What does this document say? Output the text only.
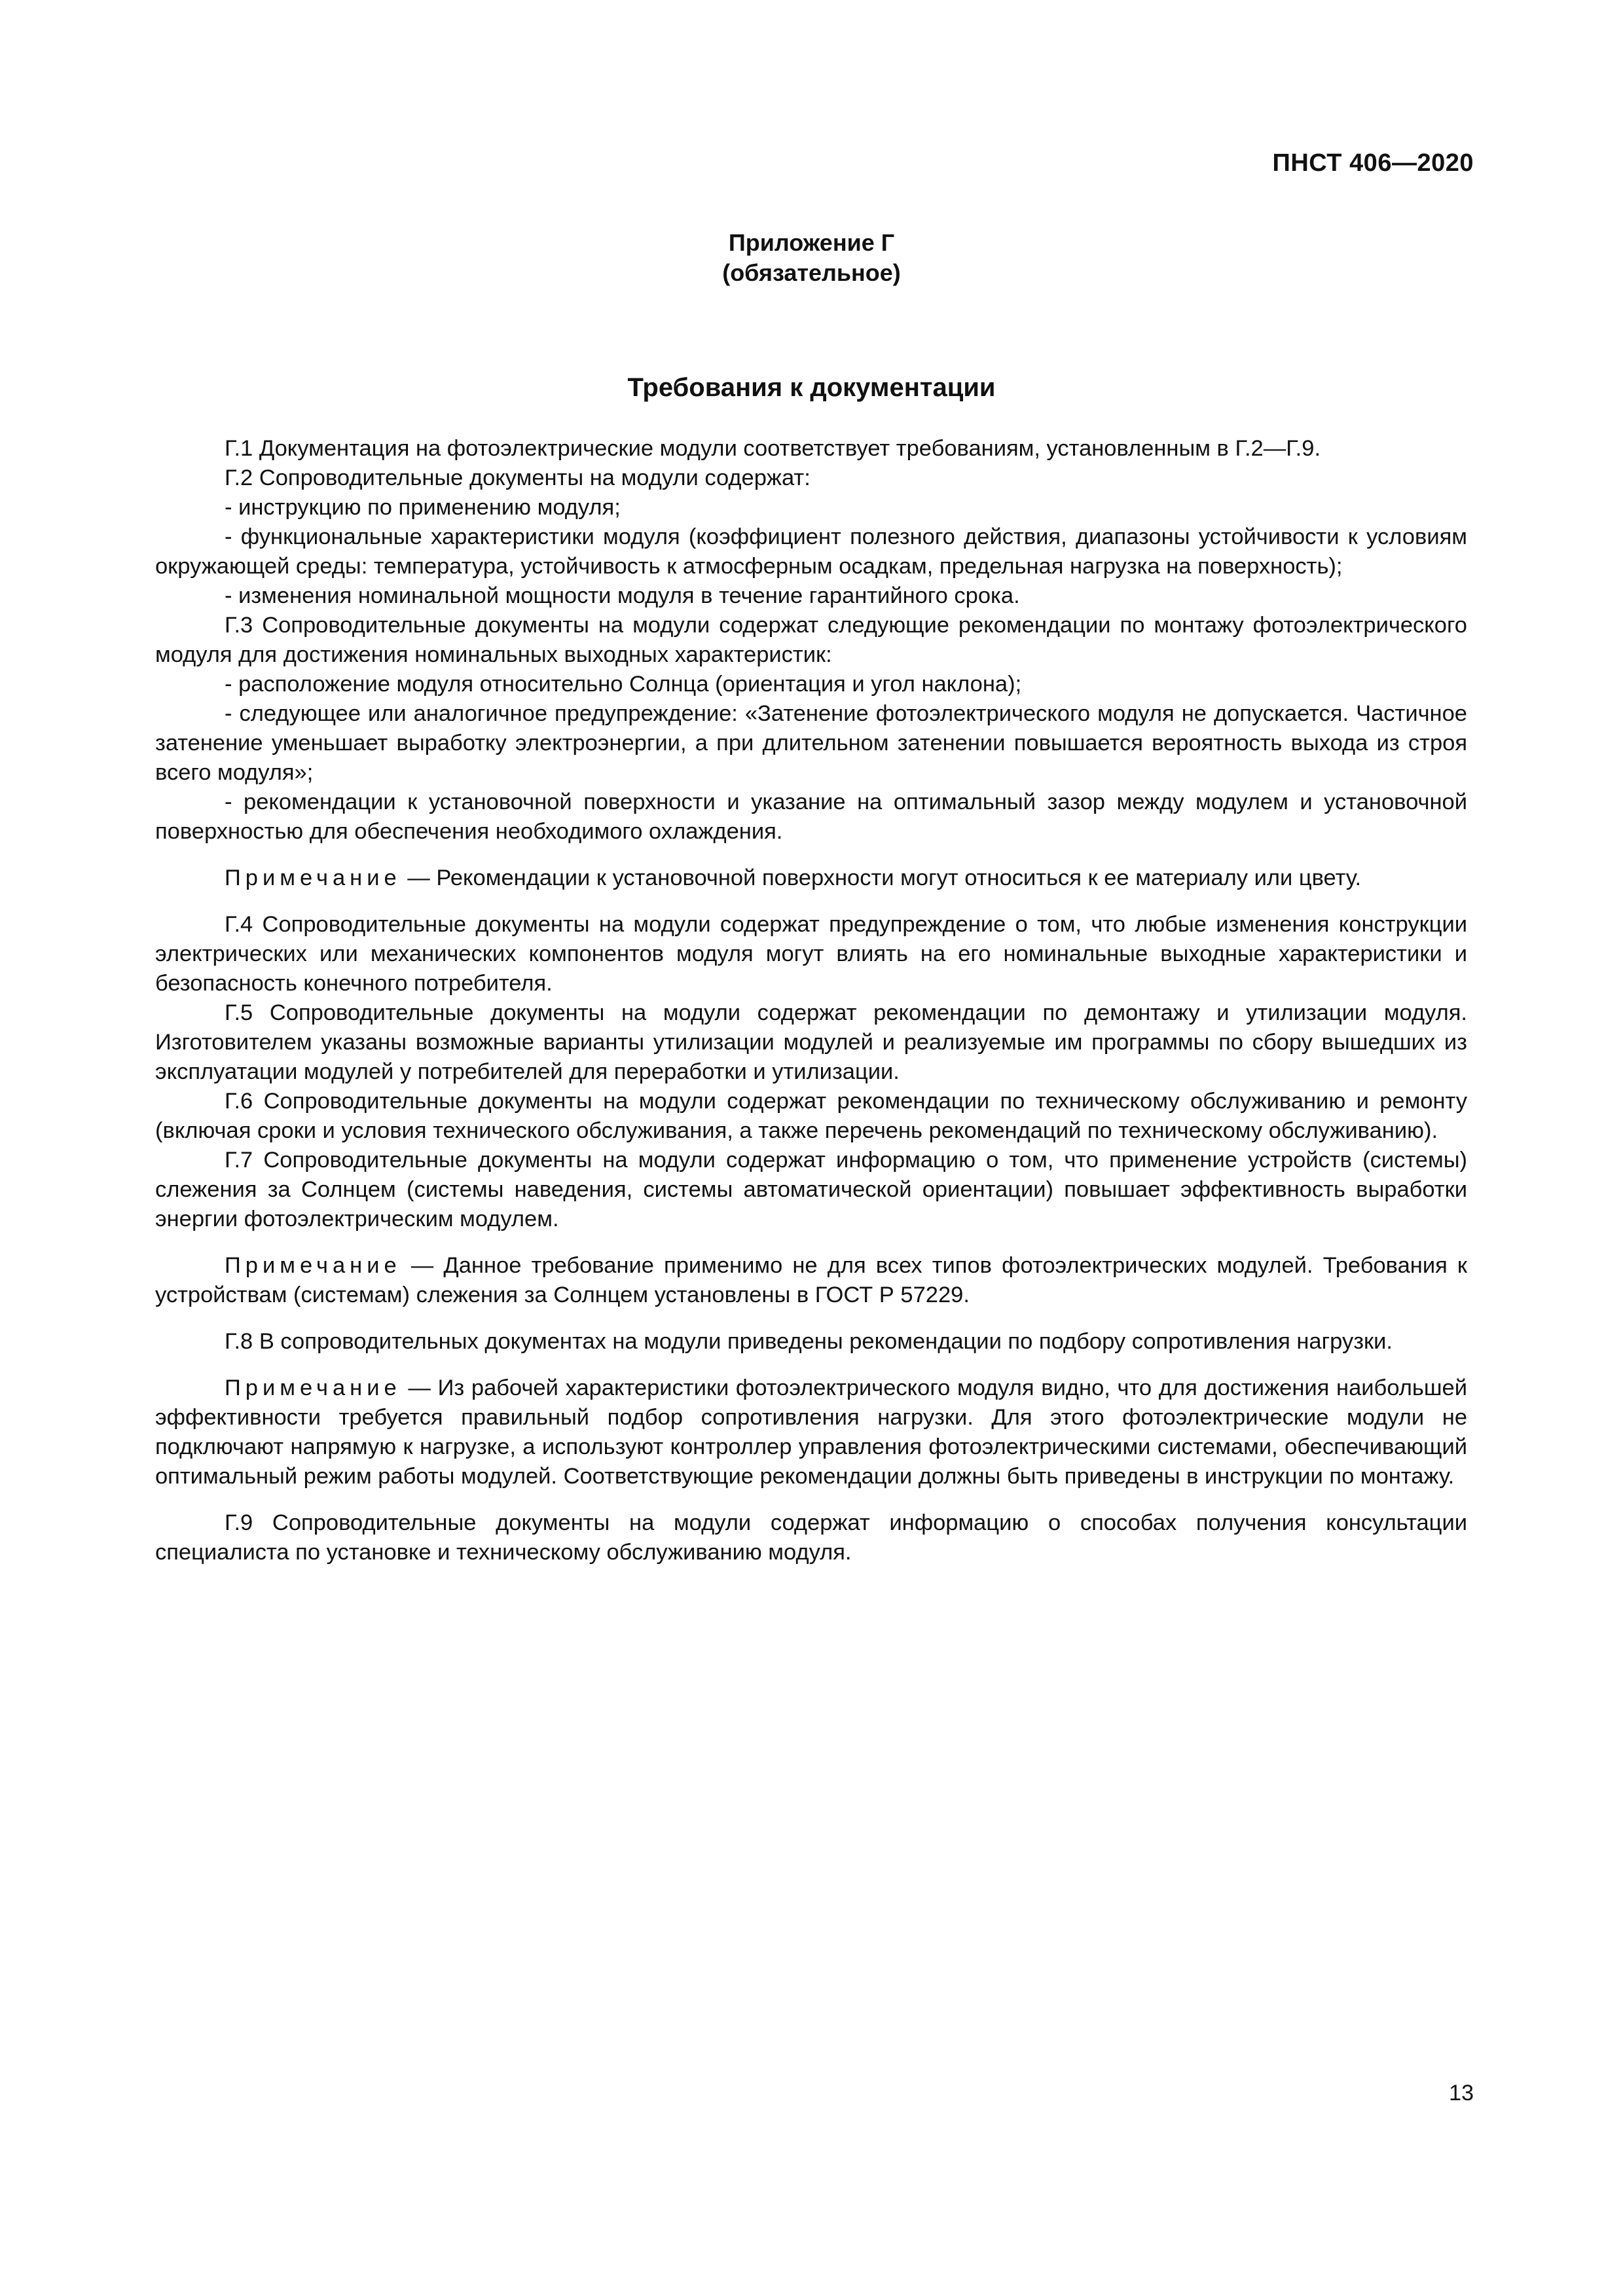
ПНСТ 406—2020
Приложение Г
(обязательное)
Требования к документации

Г.1 Документация на фотоэлектрические модули соответствует требованиям, установленным в Г.2—Г.9.

Г.2 Сопроводительные документы на модули содержат:

- инструкцию по применению модуля;

- функциональные характеристики модуля (коэффициент полезного действия, диапазоны устойчивости к условиям окружающей среды: температура, устойчивость к атмосферным осадкам, предельная нагрузка на поверхность);

- изменения номинальной мощности модуля в течение гарантийного срока.

Г.3 Сопроводительные документы на модули содержат следующие рекомендации по монтажу фотоэлектрического модуля для достижения номинальных выходных характеристик:

- расположение модуля относительно Солнца (ориентация и угол наклона);

- следующее или аналогичное предупреждение: «Затенение фотоэлектрического модуля не допускается. Частичное затенение уменьшает выработку электроэнергии, а при длительном затенении повышается вероятность выхода из строя всего модуля»;

- рекомендации к установочной поверхности и указание на оптимальный зазор между модулем и установочной поверхностью для обеспечения необходимого охлаждения.

Примечание — Рекомендации к установочной поверхности могут относиться к ее материалу или цвету.

Г.4 Сопроводительные документы на модули содержат предупреждение о том, что любые изменения конструкции электрических или механических компонентов модуля могут влиять на его номинальные выходные характеристики и безопасность конечного потребителя.

Г.5 Сопроводительные документы на модули содержат рекомендации по демонтажу и утилизации модуля. Изготовителем указаны возможные варианты утилизации модулей и реализуемые им программы по сбору вышедших из эксплуатации модулей у потребителей для переработки и утилизации.

Г.6 Сопроводительные документы на модули содержат рекомендации по техническому обслуживанию и ремонту (включая сроки и условия технического обслуживания, а также перечень рекомендаций по техническому обслуживанию).

Г.7 Сопроводительные документы на модули содержат информацию о том, что применение устройств (системы) слежения за Солнцем (системы наведения, системы автоматической ориентации) повышает эффективность выработки энергии фотоэлектрическим модулем.

Примечание — Данное требование применимо не для всех типов фотоэлектрических модулей. Требования к устройствам (системам) слежения за Солнцем установлены в ГОСТ Р 57229.

Г.8 В сопроводительных документах на модули приведены рекомендации по подбору сопротивления нагрузки.

Примечание — Из рабочей характеристики фотоэлектрического модуля видно, что для достижения наибольшей эффективности требуется правильный подбор сопротивления нагрузки. Для этого фотоэлектрические модули не подключают напрямую к нагрузке, а используют контроллер управления фотоэлектрическими системами, обеспечивающий оптимальный режим работы модулей. Соответствующие рекомендации должны быть приведены в инструкции по монтажу.

Г.9 Сопроводительные документы на модули содержат информацию о способах получения консультации специалиста по установке и техническому обслуживанию модуля.

13
